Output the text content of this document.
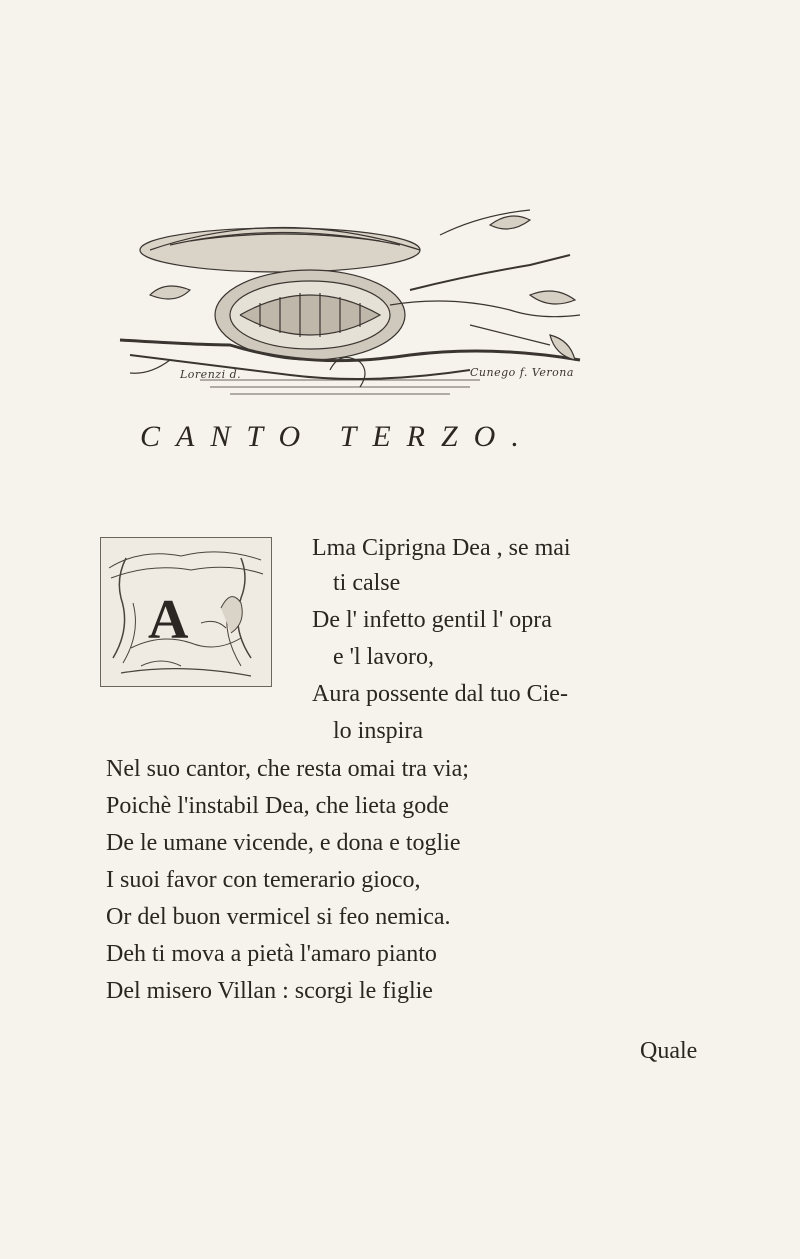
Lorenzi d.	Cunego f. Verona
CANTO TERZO.
A
Lma Ciprigna Dea , se mai
ti calse
De l' infetto gentil l' opra
e 'l lavoro,
Aura possente dal tuo Cie-
lo inspira
Nel suo cantor, che resta omai tra via;
Poichè l'instabil Dea, che lieta gode
De le umane vicende, e dona e toglie
I suoi favor con temerario gioco,
Or del buon vermicel si feo nemica.
Deh ti mova a pietà l'amaro pianto
Del misero Villan : scorgi le figlie
Quale
